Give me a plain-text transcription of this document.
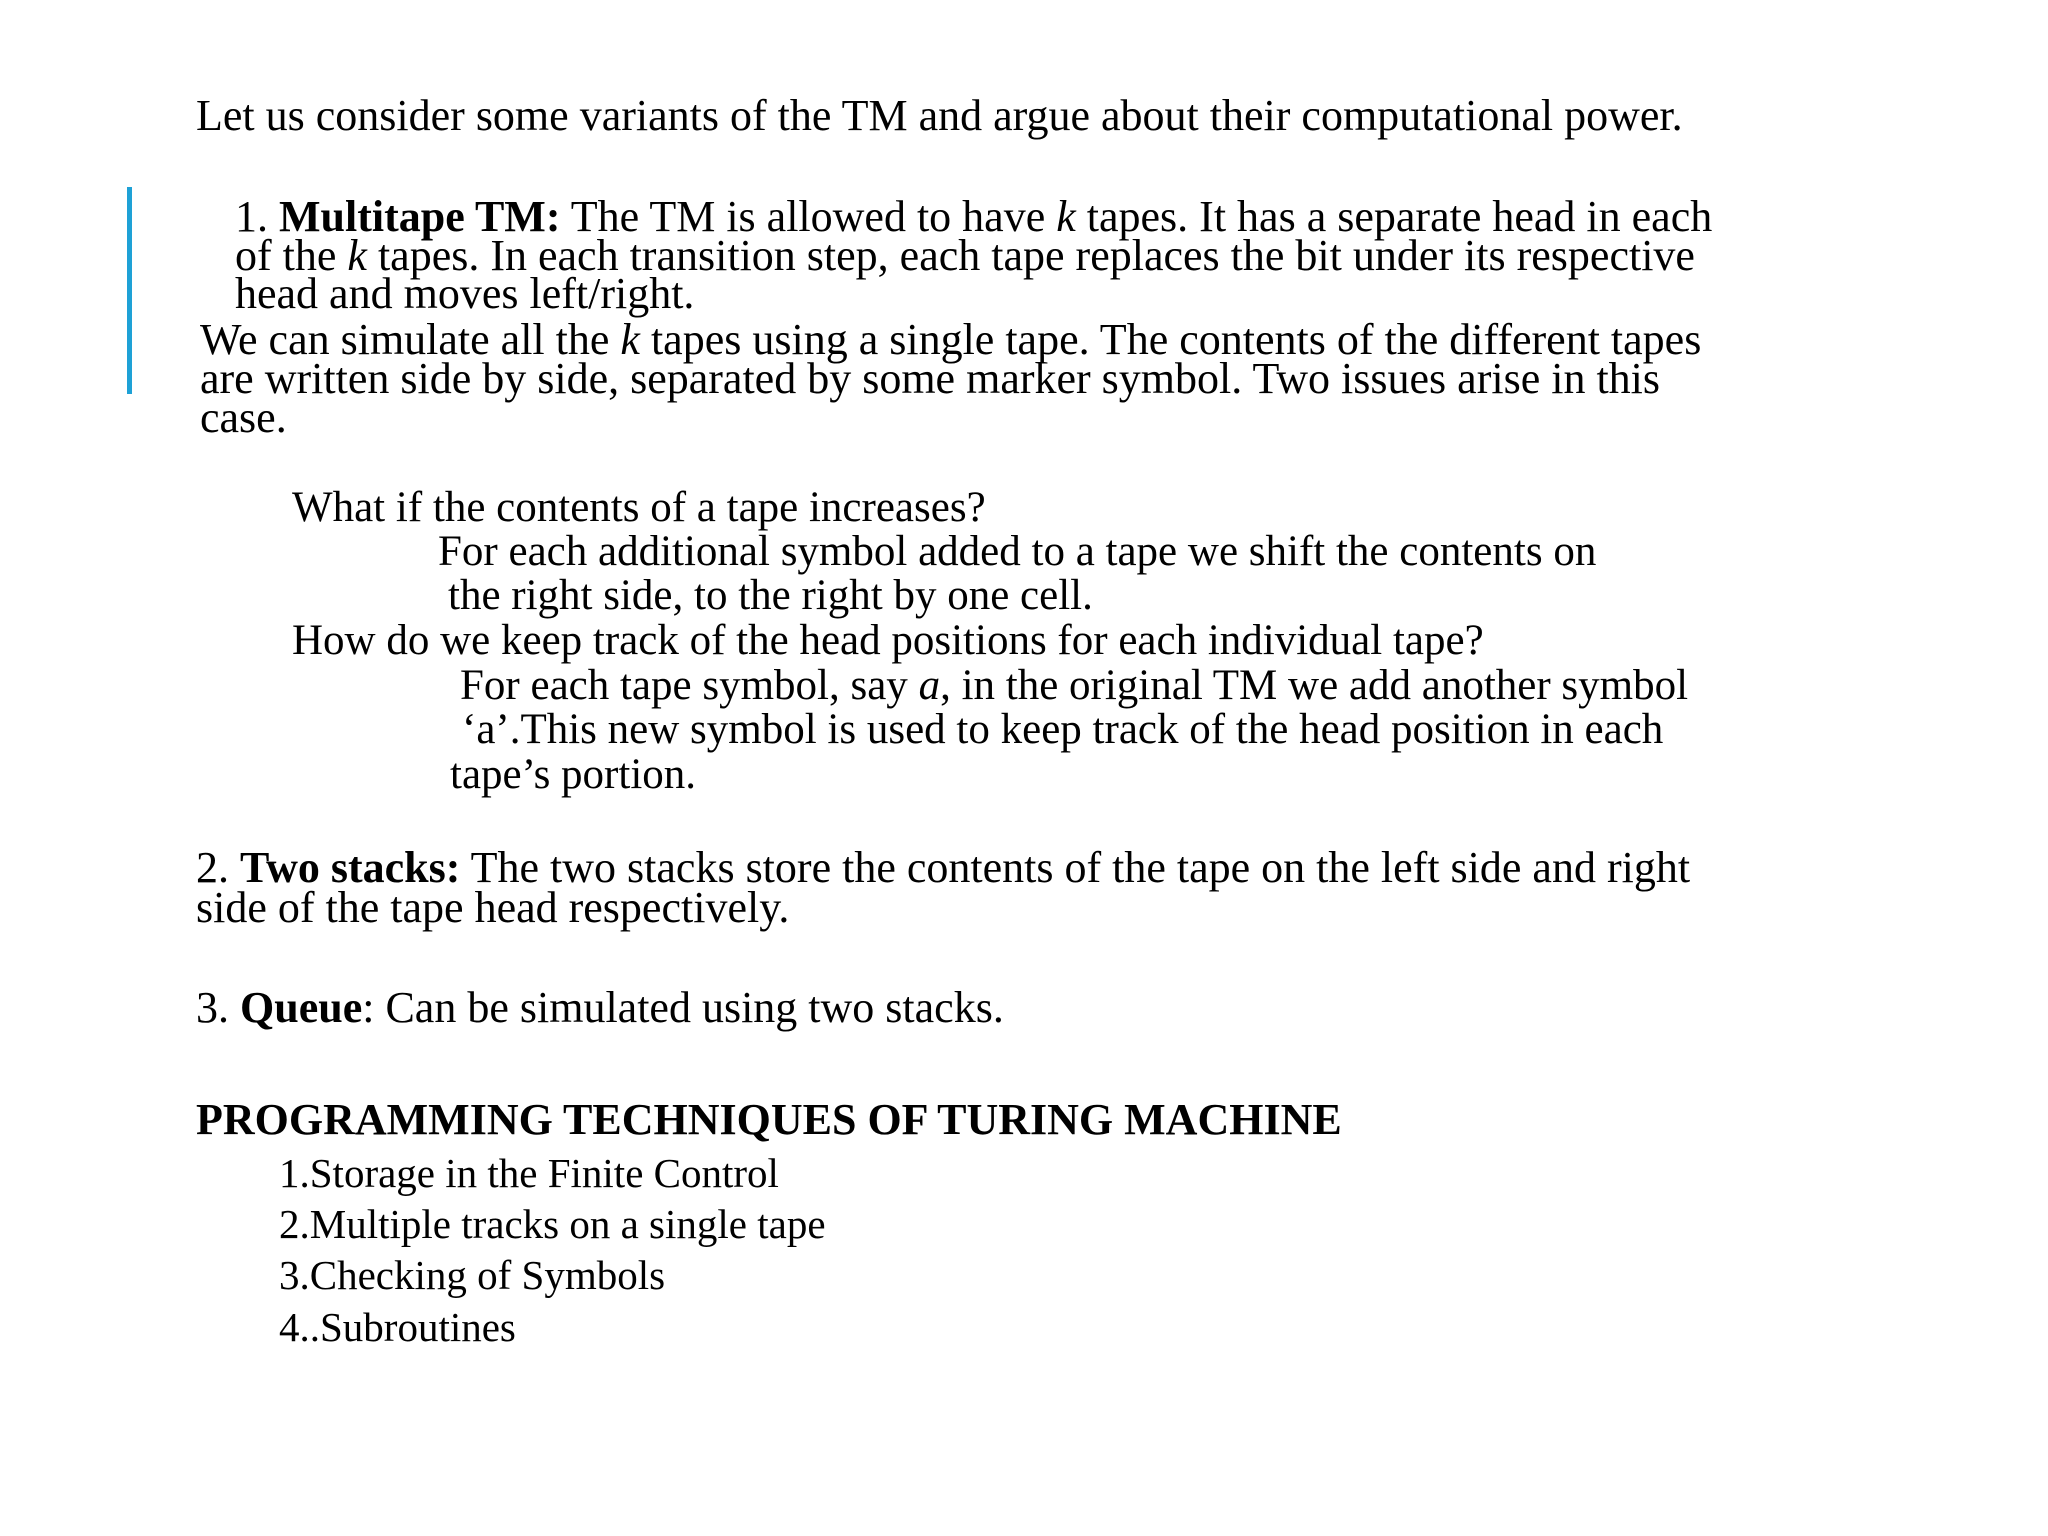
Let us consider some variants of the TM and argue about their computational power.

1. Multitape TM: The TM is allowed to have k tapes. It has a separate head in each

of the k tapes. In each transition step, each tape replaces the bit under its respective

head and moves left/right.

We can simulate all the k tapes using a single tape. The contents of the different tapes

are written side by side, separated by some marker symbol. Two issues arise in this

case.

What if the contents of a tape increases?

For each additional symbol added to a tape we shift the contents on

the right side, to the right by one cell.

How do we keep track of the head positions for each individual tape?

For each tape symbol, say a, in the original TM we add another symbol

‘a’.This new symbol is used to keep track of the head position in each

tape’s portion.

2. Two stacks: The two stacks store the contents of the tape on the left side and right

side of the tape head respectively.

3. Queue: Can be simulated using two stacks.

PROGRAMMING TECHNIQUES OF TURING MACHINE

1.Storage in the Finite Control

2.Multiple tracks on a single tape

3.Checking of Symbols

4..Subroutines
